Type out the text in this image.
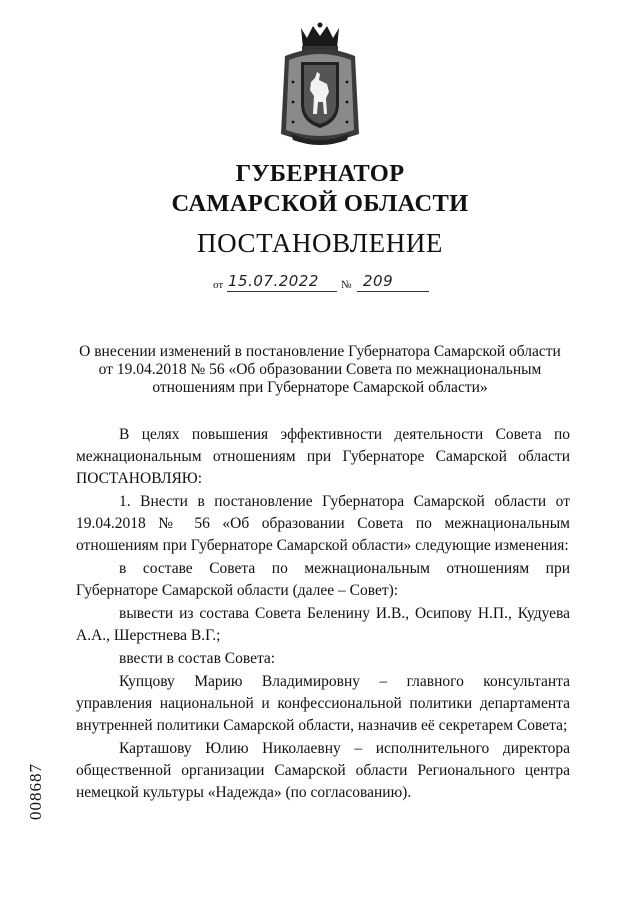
ГУБЕРНАТОР
САМАРСКОЙ ОБЛАСТИ
ПОСТАНОВЛЕНИЕ
от 15.07.2022 № 209
О внесении изменений в постановление Губернатора Самарской области
от 19.04.2018 № 56 «Об образовании Совета по межнациональным
отношениям при Губернаторе Самарской области»

В целях повышения эффективности деятельности Совета по межнациональным отношениям при Губернаторе Самарской области ПОСТАНОВЛЯЮ:

1. Внести в постановление Губернатора Самарской области от 19.04.2018 № 56 «Об образовании Совета по межнациональным отношениям при Губернаторе Самарской области» следующие изменения:

в составе Совета по межнациональным отношениям при Губернаторе Самарской области (далее – Совет):

вывести из состава Совета Беленину И.В., Осипову Н.П., Кудуева А.А., Шерстнева В.Г.;

ввести в состав Совета:

Купцову Марию Владимировну – главного консультанта управления национальной и конфессиональной политики департамента внутренней политики Самарской области, назначив её секретарем Совета;

Карташову Юлию Николаевну – исполнительного директора общественной организации Самарской области Регионального центра немецкой культуры «Надежда» (по согласованию).

008687
